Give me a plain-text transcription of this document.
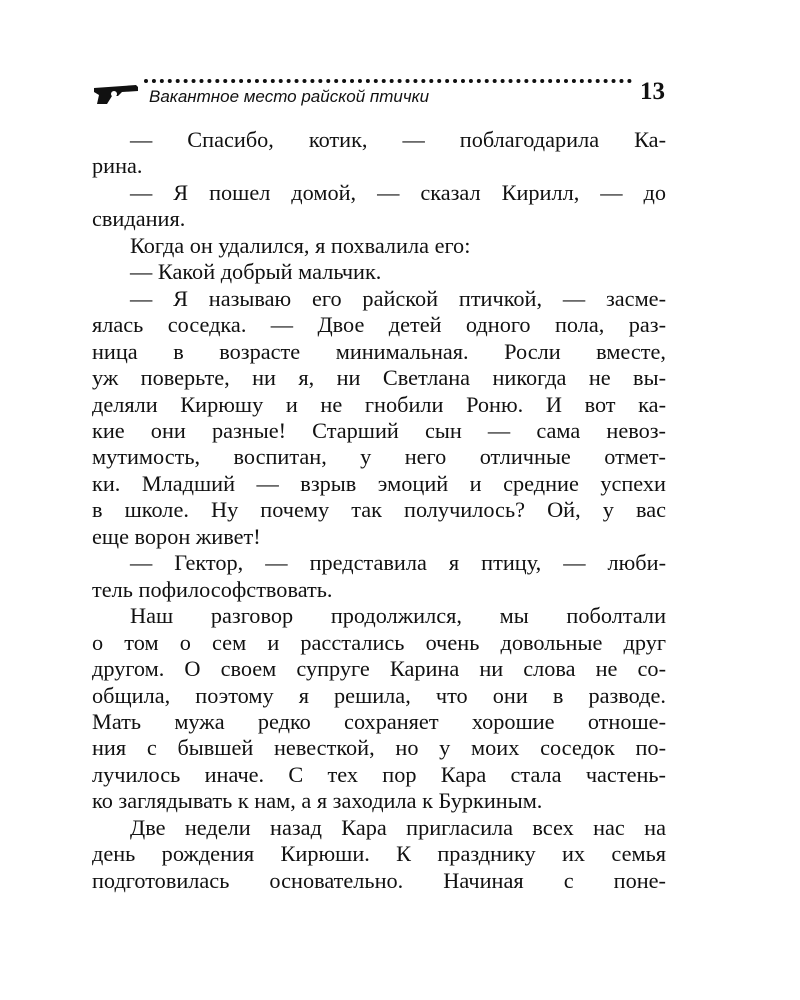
Вакантное место райской птички	13

— Спасибо, котик, — поблагодарила Ка-
рина.

— Я пошел домой, — сказал Кирилл, — до
свидания.

Когда он удалился, я похвалила его:

— Какой добрый мальчик.

— Я называю его райской птичкой, — засме-
ялась соседка. — Двое детей одного пола, раз-
ница в возрасте минимальная. Росли вместе,
уж поверьте, ни я, ни Светлана никогда не вы-
деляли Кирюшу и не гнобили Роню. И вот ка-
кие они разные! Старший сын — сама невоз-
мутимость, воспитан, у него отличные отмет-
ки. Младший — взрыв эмоций и средние успехи
в школе. Ну почему так получилось? Ой, у вас
еще ворон живет!

— Гектор, — представила я птицу, — люби-
тель пофилософствовать.

Наш разговор продолжился, мы поболтали
о том о сем и расстались очень довольные друг
другом. О своем супруге Карина ни слова не со-
общила, поэтому я решила, что они в разводе.
Мать мужа редко сохраняет хорошие отноше-
ния с бывшей невесткой, но у моих соседок по-
лучилось иначе. С тех пор Кара стала частень-
ко заглядывать к нам, а я заходила к Буркиным.

Две недели назад Кара пригласила всех нас на
день рождения Кирюши. К празднику их семья
подготовилась основательно. Начиная с поне-
